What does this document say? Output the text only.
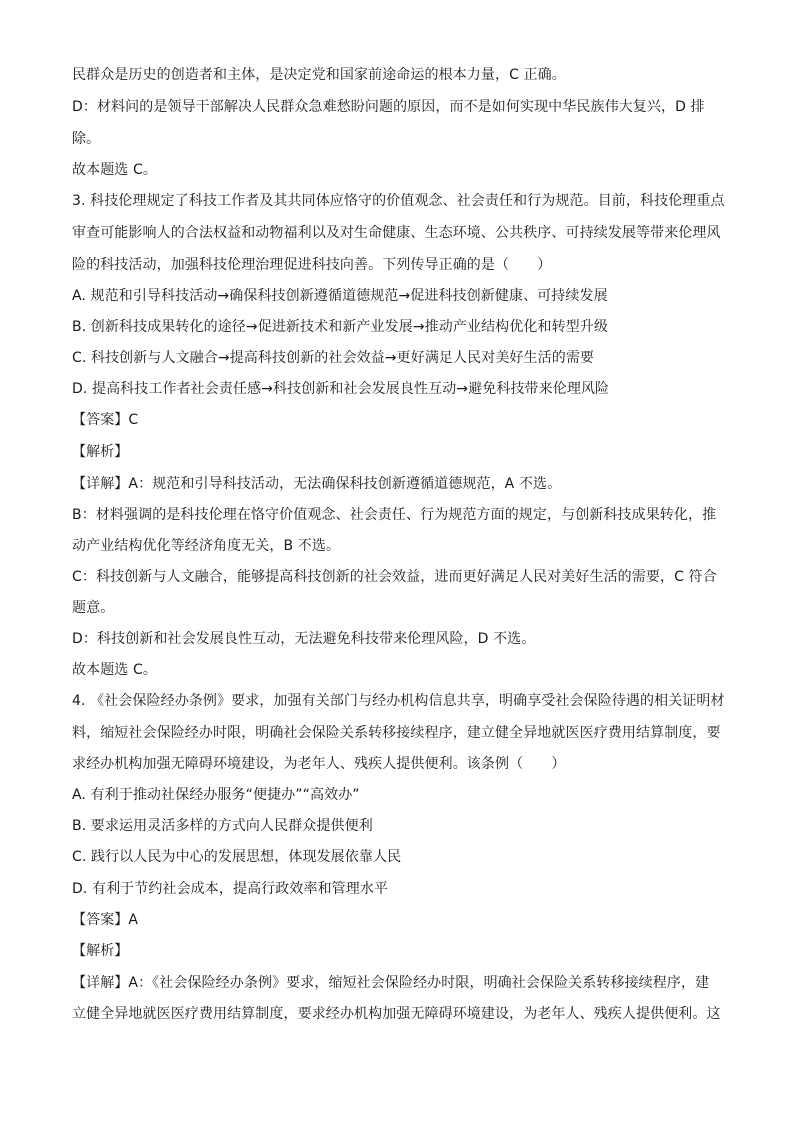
民群众是历史的创造者和主体，是决定党和国家前途命运的根本力量，C 正确。
D：材料问的是领导干部解决人民群众急难愁盼问题的原因，而不是如何实现中华民族伟大复兴，D 排
除。
故本题选 C。
3. 科技伦理规定了科技工作者及其共同体应恪守的价值观念、社会责任和行为规范。目前，科技伦理重点
审查可能影响人的合法权益和动物福利以及对生命健康、生态环境、公共秩序、可持续发展等带来伦理风
险的科技活动，加强科技伦理治理促进科技向善。下列传导正确的是（　　）
A. 规范和引导科技活动→确保科技创新遵循道德规范→促进科技创新健康、可持续发展
B. 创新科技成果转化的途径→促进新技术和新产业发展→推动产业结构优化和转型升级
C. 科技创新与人文融合→提高科技创新的社会效益→更好满足人民对美好生活的需要
D. 提高科技工作者社会责任感→科技创新和社会发展良性互动→避免科技带来伦理风险
【答案】C
【解析】
【详解】A：规范和引导科技活动，无法确保科技创新遵循道德规范，A 不选。
B：材料强调的是科技伦理在恪守价值观念、社会责任、行为规范方面的规定，与创新科技成果转化，推
动产业结构优化等经济角度无关，B 不选。
C：科技创新与人文融合，能够提高科技创新的社会效益，进而更好满足人民对美好生活的需要，C 符合
题意。
D：科技创新和社会发展良性互动，无法避免科技带来伦理风险，D 不选。
故本题选 C。
4. 《社会保险经办条例》要求，加强有关部门与经办机构信息共享，明确享受社会保险待遇的相关证明材
料，缩短社会保险经办时限，明确社会保险关系转移接续程序，建立健全异地就医医疗费用结算制度，要
求经办机构加强无障碍环境建设，为老年人、残疾人提供便利。该条例（　　）
A. 有利于推动社保经办服务“便捷办”“高效办”
B. 要求运用灵活多样的方式向人民群众提供便利
C. 践行以人民为中心的发展思想，体现发展依靠人民
D. 有利于节约社会成本，提高行政效率和管理水平
【答案】A
【解析】
【详解】A：《社会保险经办条例》要求，缩短社会保险经办时限，明确社会保险关系转移接续程序，建
立健全异地就医医疗费用结算制度，要求经办机构加强无障碍环境建设，为老年人、残疾人提供便利。这
